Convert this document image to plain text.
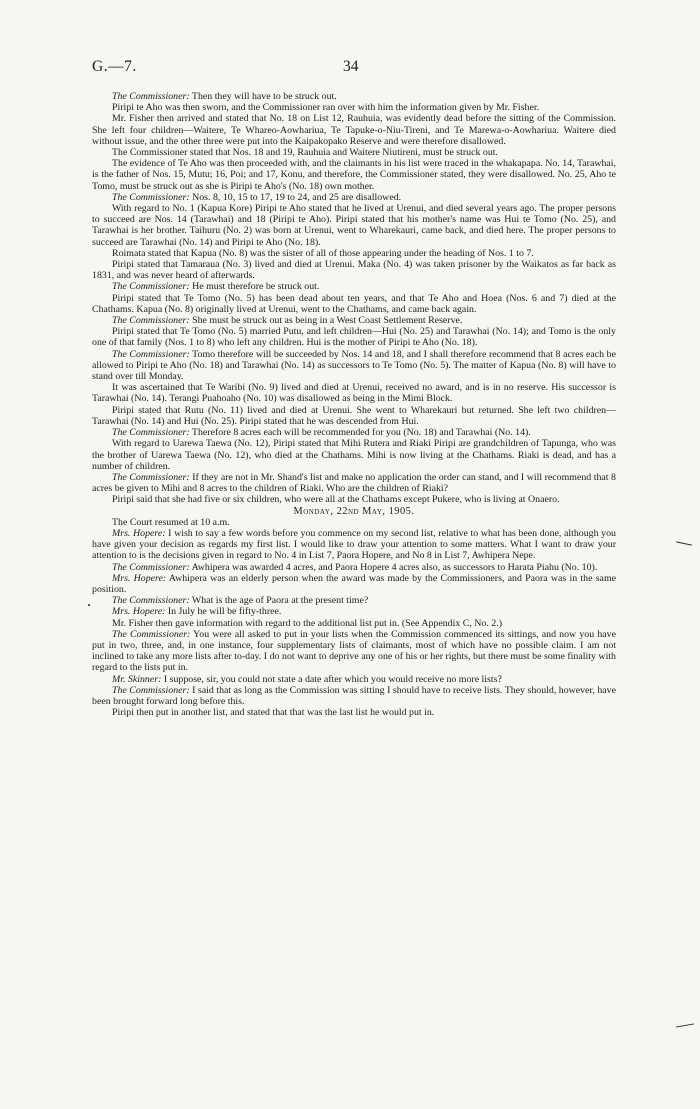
G.—7.	34

The Commissioner: Then they will have to be struck out.

Piripi te Aho was then sworn, and the Commissioner ran over with him the information given by Mr. Fisher.

Mr. Fisher then arrived and stated that No. 18 on List 12, Rauhuia, was evidently dead before the sitting of the Commission. She left four children—Waitere, Te Whareo-Aowhariua, Te Tapuke-o-Niu-Tireni, and Te Marewa-o-Aowhariua. Waitere died without issue, and the other three were put into the Kaipakopako Reserve and were therefore disallowed.

The Commissioner stated that Nos. 18 and 19, Rauhuia and Waitere Niutireni, must be struck out.

The evidence of Te Aho was then proceeded with, and the claimants in his list were traced in the whakapapa. No. 14, Tarawhai, is the father of Nos. 15, Mutu; 16, Poi; and 17, Konu, and therefore, the Commissioner stated, they were disallowed. No. 25, Aho te Tomo, must be struck out as she is Piripi te Aho's (No. 18) own mother.

The Commissioner: Nos. 8, 10, 15 to 17, 19 to 24, and 25 are disallowed.

With regard to No. 1 (Kapua Kore) Piripi te Aho stated that he lived at Urenui, and died several years ago. The proper persons to succeed are Nos. 14 (Tarawhai) and 18 (Piripi te Aho). Piripi stated that his mother's name was Hui te Tomo (No. 25), and Tarawhai is her brother. Taihuru (No. 2) was born at Urenui, went to Wharekauri, came back, and died here. The proper persons to succeed are Tarawhai (No. 14) and Piripi te Aho (No. 18).

Roimata stated that Kapua (No. 8) was the sister of all of those appearing under the heading of Nos. 1 to 7.

Piripi stated that Tamaraua (No. 3) lived and died at Urenui. Maka (No. 4) was taken prisoner by the Waikatos as far back as 1831, and was never heard of afterwards.

The Commissioner: He must therefore be struck out.

Piripi stated that Te Tomo (No. 5) has been dead about ten years, and that Te Aho and Hoea (Nos. 6 and 7) died at the Chathams. Kapua (No. 8) originally lived at Urenui, went to the Chathams, and came back again.

The Commissioner: She must be struck out as being in a West Coast Settlement Reserve.

Piripi stated that Te Tomo (No. 5) married Putu, and left children—Hui (No. 25) and Tarawhai (No. 14); and Tomo is the only one of that family (Nos. 1 to 8) who left any children. Hui is the mother of Piripi te Aho (No. 18).

The Commissioner: Tomo therefore will be succeeded by Nos. 14 and 18, and I shall therefore recommend that 8 acres each be allowed to Piripi te Aho (No. 18) and Tarawhai (No. 14) as successors to Te Tomo (No. 5). The matter of Kapua (No. 8) will have to stand over till Monday.

It was ascertained that Te Waribi (No. 9) lived and died at Urenui, received no award, and is in no reserve. His successor is Tarawhai (No. 14). Terangi Puahoaho (No. 10) was disallowed as being in the Mimi Block.

Piripi stated that Rutu (No. 11) lived and died at Urenui. She went to Wharekauri but returned. She left two children—Tarawhai (No. 14) and Hui (No. 25). Piripi stated that he was descended from Hui.

The Commissioner: Therefore 8 acres each will be recommended for you (No. 18) and Tarawhai (No. 14).

With regard to Uarewa Taewa (No. 12), Piripi stated that Mihi Rutera and Riaki Piripi are grandchildren of Tapunga, who was the brother of Uarewa Taewa (No. 12), who died at the Chathams. Mihi is now living at the Chathams. Riaki is dead, and has a number of children.

The Commissioner: If they are not in Mr. Shand's list and make no application the order can stand, and I will recommend that 8 acres be given to Mihi and 8 acres to the children of Riaki. Who are the children of Riaki?

Piripi said that she had five or six children, who were all at the Chathams except Pukere, who is living at Onaero.

Monday, 22nd May, 1905.

The Court resumed at 10 a.m.

Mrs. Hopere: I wish to say a few words before you commence on my second list, relative to what has been done, although you have given your decision as regards my first list. I would like to draw your attention to some matters. What I want to draw your attention to is the decisions given in regard to No. 4 in List 7, Paora Hopere, and No 8 in List 7, Awhipera Nepe.

The Commissioner: Awhipera was awarded 4 acres, and Paora Hopere 4 acres also, as successors to Harata Piahu (No. 10).

Mrs. Hopere: Awhipera was an elderly person when the award was made by the Commissioners, and Paora was in the same position.

The Commissioner: What is the age of Paora at the present time?

Mrs. Hopere: In July he will be fifty-three.

Mr. Fisher then gave information with regard to the additional list put in. (See Appendix C, No. 2.)

The Commissioner: You were all asked to put in your lists when the Commission commenced its sittings, and now you have put in two, three, and, in one instance, four supplementary lists of claimants, most of which have no possible claim. I am not inclined to take any more lists after to-day. I do not want to deprive any one of his or her rights, but there must be some finality with regard to the lists put in.

Mr. Skinner: I suppose, sir, you could not state a date after which you would receive no more lists?

The Commissioner: I said that as long as the Commission was sitting I should have to receive lists. They should, however, have been brought forward long before this.

Piripi then put in another list, and stated that that was the last list he would put in.
